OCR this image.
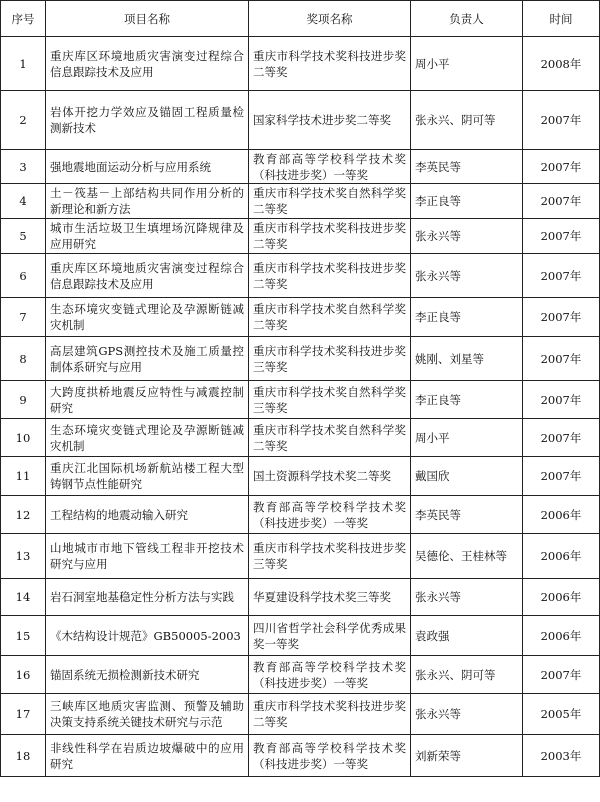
序号	项目名称	奖项名称	负责人	时间
1	重庆库区环境地质灾害演变过程综合信息跟踪技术及应用	重庆市科学技术奖科技进步奖二等奖	周小平	2008年
2	岩体开挖力学效应及锚固工程质量检测新技术	国家科学技术进步奖二等奖	张永兴、阴可等	2007年
3	强地震地面运动分析与应用系统	教育部高等学校科学技术奖（科技进步奖）一等奖	李英民等	2007年
4	土－筏基－上部结构共同作用分析的新理论和新方法	重庆市科学技术奖自然科学奖二等奖	李正良等	2007年
5	城市生活垃圾卫生填埋场沉降规律及应用研究	重庆市科学技术奖科技进步奖二等奖	张永兴等	2007年
6	重庆库区环境地质灾害演变过程综合信息跟踪技术及应用	重庆市科学技术奖科技进步奖二等奖	张永兴等	2007年
7	生态环境灾变链式理论及孕源断链减灾机制	重庆市科学技术奖自然科学奖二等奖	李正良等	2007年
8	高层建筑GPS测控技术及施工质量控制体系研究与应用	重庆市科学技术奖科技进步奖三等奖	姚刚、刘星等	2007年
9	大跨度拱桥地震反应特性与减震控制研究	重庆市科学技术奖自然科学奖三等奖	李正良等	2007年
10	生态环境灾变链式理论及孕源断链减灾机制	重庆市科学技术奖自然科学奖二等奖	周小平	2007年
11	重庆江北国际机场新航站楼工程大型铸钢节点性能研究	国土资源科学技术奖二等奖	戴国欣	2007年
12	工程结构的地震动输入研究	教育部高等学校科学技术奖（科技进步奖）一等奖	李英民等	2006年
13	山地城市市地下管线工程非开挖技术研究与应用	重庆市科学技术奖科技进步奖三等奖	吴德伦、王桂林等	2006年
14	岩石洞室地基稳定性分析方法与实践	华夏建设科学技术奖三等奖	张永兴等	2006年
15	《木结构设计规范》GB50005-2003	四川省哲学社会科学优秀成果奖一等奖	袁政强	2006年
16	锚固系统无损检测新技术研究	教育部高等学校科学技术奖（科技进步奖）一等奖	张永兴、阴可等	2007年
17	三峡库区地质灾害监测、预警及辅助决策支持系统关键技术研究与示范	重庆市科学技术奖科技进步奖二等奖	张永兴等	2005年
18	非线性科学在岩质边坡爆破中的应用研究	教育部高等学校科学技术奖（科技进步奖）一等奖	刘新荣等	2003年
